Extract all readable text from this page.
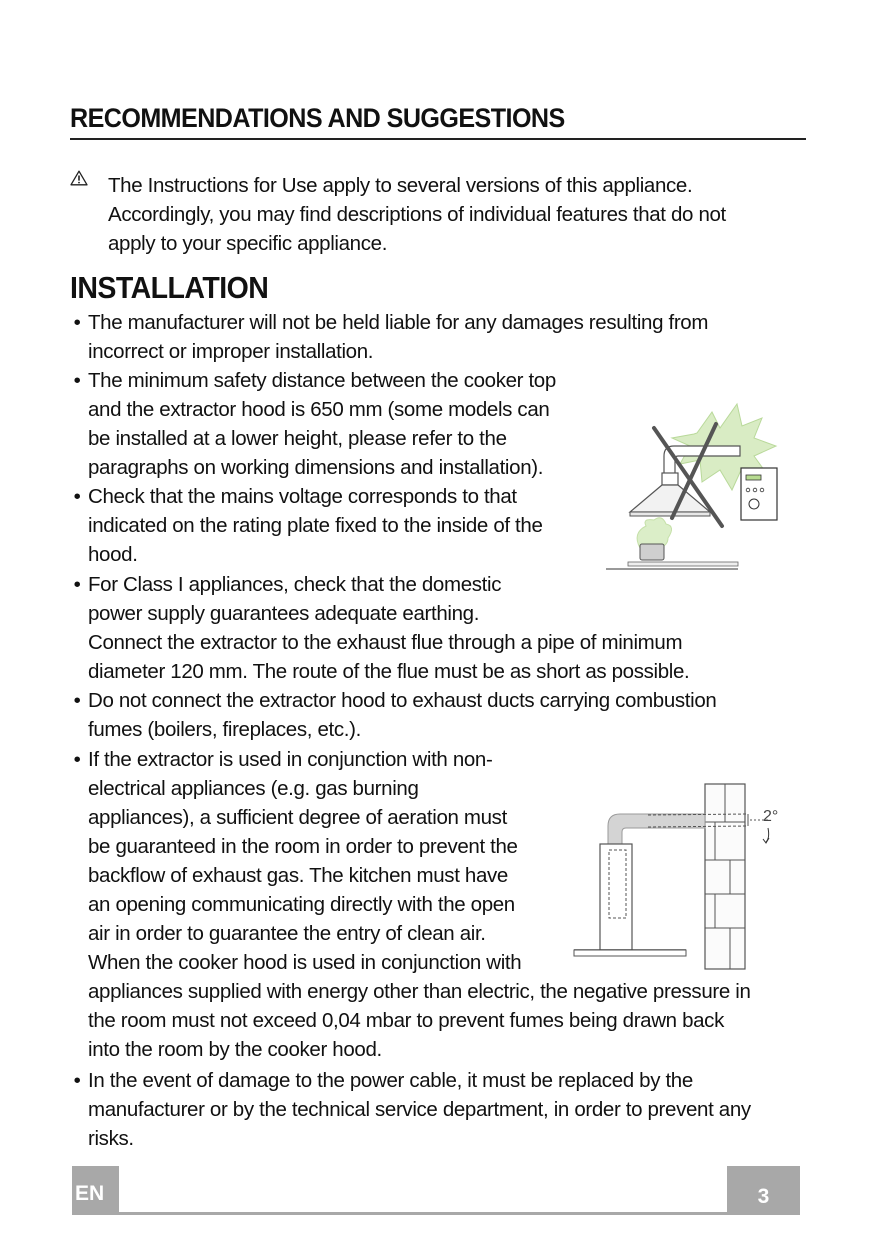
RECOMMENDATIONS AND SUGGESTIONS
The Instructions for Use apply to several versions of this appliance.
Accordingly, you may find descriptions of individual features that do not
apply to your specific appliance.
INSTALLATION
• The manufacturer will not be held liable for any damages resulting from
incorrect or improper installation.
• The minimum safety distance between the cooker top
and the extractor hood is 650 mm (some models can
be installed at a lower height, please refer to the
paragraphs on working dimensions and installation).
• Check that the mains voltage corresponds to that
indicated on the rating plate fixed to the inside of the
hood.
• For Class I appliances, check that the domestic
power supply guarantees adequate earthing.
Connect the extractor to the exhaust flue through a pipe of minimum
diameter 120 mm. The route of the flue must be as short as possible.
• Do not connect the extractor hood to exhaust ducts carrying combustion
fumes (boilers, fireplaces, etc.).
• If the extractor is used in conjunction with non-
electrical appliances (e.g. gas burning
appliances), a sufficient degree of aeration must
be guaranteed in the room in order to prevent the
backflow of exhaust gas. The kitchen must have
an opening communicating directly with the open
air in order to guarantee the entry of clean air.
When the cooker hood is used in conjunction with
appliances supplied with energy other than electric, the negative pressure in
the room must not exceed 0,04 mbar to prevent fumes being drawn back
into the room by the cooker hood.
• In the event of damage to the power cable, it must be replaced by the
manufacturer or by the technical service department, in order to prevent any
risks.
2°
EN	3
